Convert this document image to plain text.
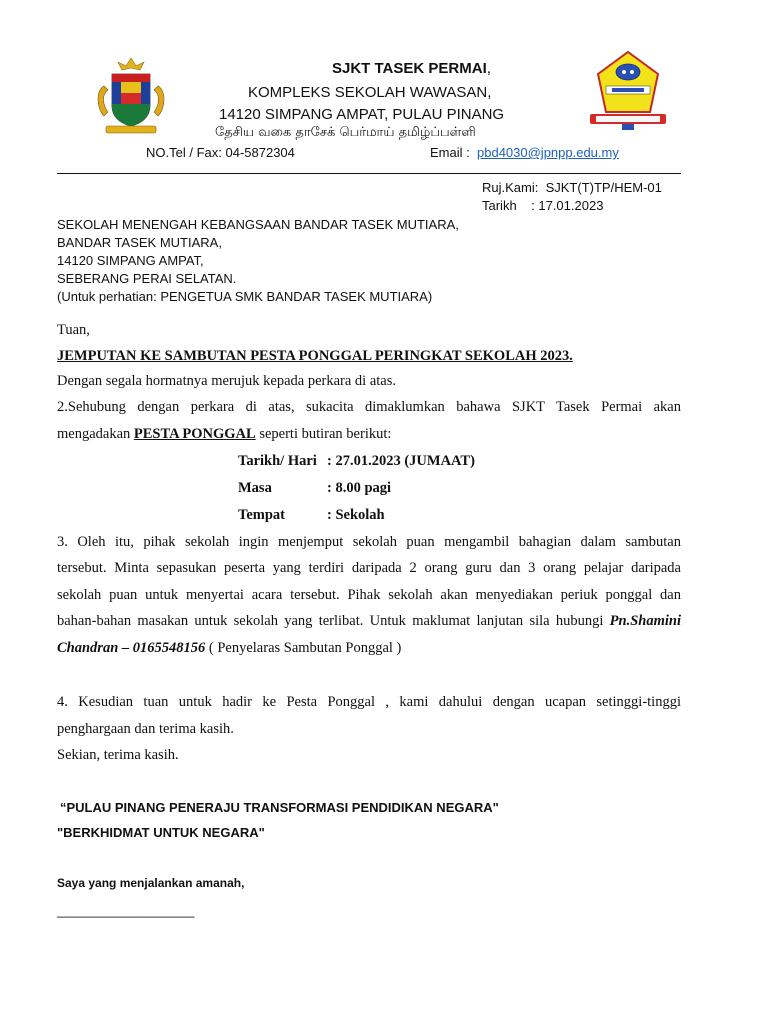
SJKT TASEK PERMAI,
KOMPLEKS SEKOLAH WAWASAN,
14120 SIMPANG AMPAT, PULAU PINANG
தேசிய வகை தாசேக் பெர்மாய் தமிழ்ப்பள்ளி
NO.Tel / Fax: 04-5872304	Email : pbd4030@jpnpp.edu.my
Ruj.Kami: SJKT(T)TP/HEM-01
Tarikh : 17.01.2023
SEKOLAH MENENGAH KEBANGSAAN BANDAR TASEK MUTIARA,
BANDAR TASEK MUTIARA,
14120 SIMPANG AMPAT,
SEBERANG PERAI SELATAN.
(Untuk perhatian: PENGETUA SMK BANDAR TASEK MUTIARA)
Tuan,
JEMPUTAN KE SAMBUTAN PESTA PONGGAL PERINGKAT SEKOLAH 2023.
Dengan segala hormatnya merujuk kepada perkara di atas.
2.Sehubung dengan perkara di atas, sukacita dimaklumkan bahawa SJKT Tasek Permai akan
mengadakan PESTA PONGGAL seperti butiran berikut:
Tarikh/ Hari : 27.01.2023 (JUMAAT)
Masa	: 8.00 pagi
Tempat	: Sekolah
3. Oleh itu, pihak sekolah ingin menjemput sekolah puan mengambil bahagian dalam sambutan
tersebut. Minta sepasukan peserta yang terdiri daripada 2 orang guru dan 3 orang pelajar daripada
sekolah puan untuk menyertai acara tersebut. Pihak sekolah akan menyediakan periuk ponggal dan
bahan-bahan masakan untuk sekolah yang terlibat. Untuk maklumat lanjutan sila hubungi Pn.Shamini
Chandran – 0165548156 ( Penyelaras Sambutan Ponggal )
4. Kesudian tuan untuk hadir ke Pesta Ponggal , kami dahului dengan ucapan setinggi-tinggi
penghargaan dan terima kasih.
Sekian, terima kasih.
“PULAU PINANG PENERAJU TRANSFORMASI PENDIDIKAN NEGARA"
"BERKHIDMAT UNTUK NEGARA"
Saya yang menjalankan amanah,
___________________
